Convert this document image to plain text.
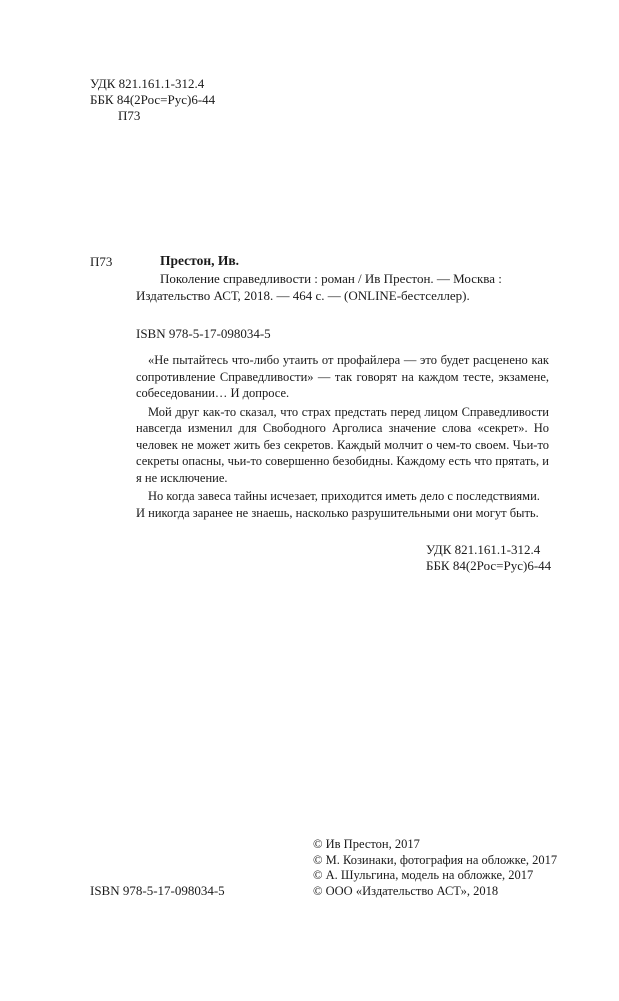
УДК 821.161.1-312.4
ББК 84(2Рос=Рус)6-44
П73
П73	Престон, Ив.
Поколение справедливости : роман / Ив Престон. — Москва :
Издательство АСТ, 2018. — 464 с. — (ONLINE-бестселлер).
ISBN 978-5-17-098034-5

«Не пытайтесь что-либо утаить от профайлера — это будет расценено как сопротивление Справедливости» — так говорят на каждом тесте, экзамене, собеседовании… И допросе.

Мой друг как-то сказал, что страх предстать перед лицом Справедливости навсегда изменил для Свободного Арголиса значение слова «секрет». Но человек не может жить без секретов. Каждый молчит о чем-то своем. Чьи-то секреты опасны, чьи-то совершенно безобидны. Каждому есть что прятать, и я не исключение.

Но когда завеса тайны исчезает, приходится иметь дело с последствиями. И никогда заранее не знаешь, насколько разрушительными они могут быть.

УДК 821.161.1-312.4
ББК 84(2Рос=Рус)6-44
© Ив Престон, 2017
© М. Козинаки, фотография на обложке, 2017
© А. Шульгина, модель на обложке, 2017
© ООО «Издательство АСТ», 2018
ISBN 978-5-17-098034-5
